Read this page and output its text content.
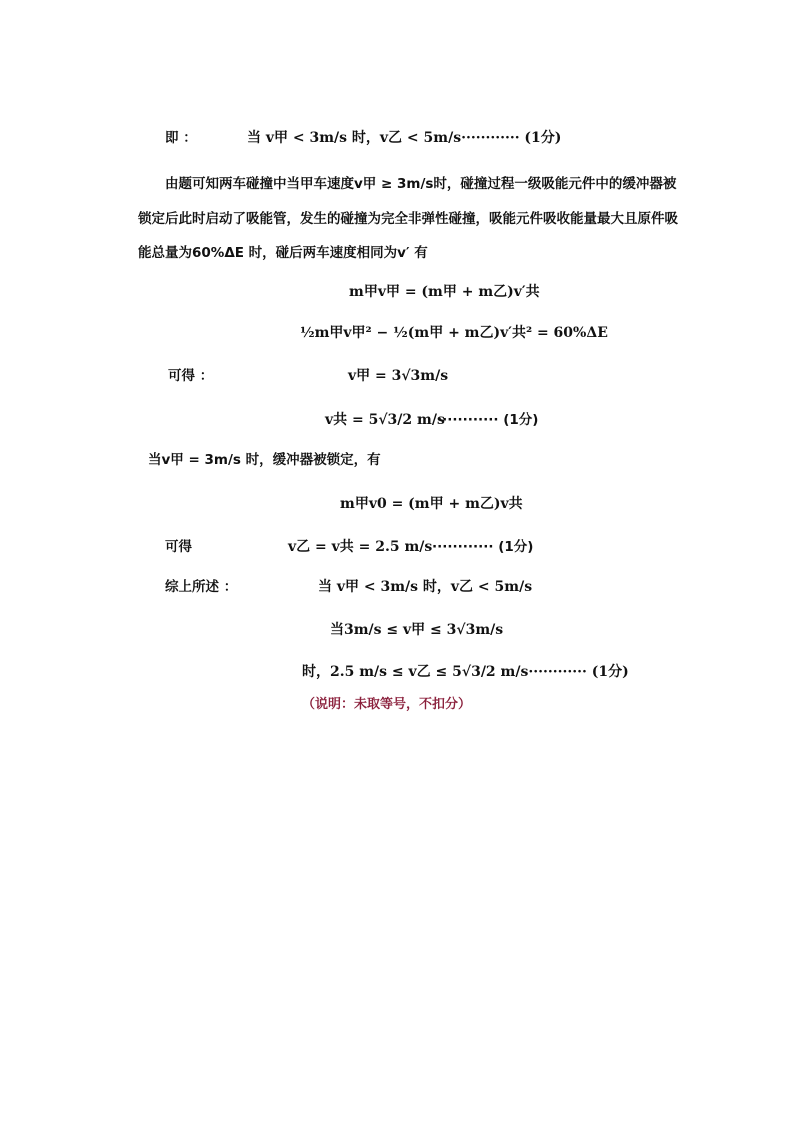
即 ：	当 v甲 < 3m/s 时，v乙 < 5m/s············ (1分)
由题可知两车碰撞中当甲车速度v甲 ≥ 3m/s时，碰撞过程一级吸能元件中的缓冲器被
锁定后此时启动了吸能管，发生的碰撞为完全非弹性碰撞，吸能元件吸收能量最大且原件吸
能总量为60%ΔE 时，碰后两车速度相同为v′ 有
m甲v甲 = (m甲 + m乙)v′共
½m甲v甲² − ½(m甲 + m乙)v′共² = 60%ΔE
可得 ：	v甲 = 3√3m/s
v共 = 5√3/2 m/s
············ (1分)
当v甲 = 3m/s 时，缓冲器被锁定，有
m甲v0 = (m甲 + m乙)v共
可得	v乙 = v共 = 2.5 m/s ············ (1分)
综上所述 ：	当 v甲 < 3m/s 时，v乙 < 5m/s
当3m/s ≤ v甲 ≤ 3√3m/s
时，2.5 m/s ≤ v乙 ≤ 5√3/2 m/s············ (1分)
（说明：未取等号，不扣分）
